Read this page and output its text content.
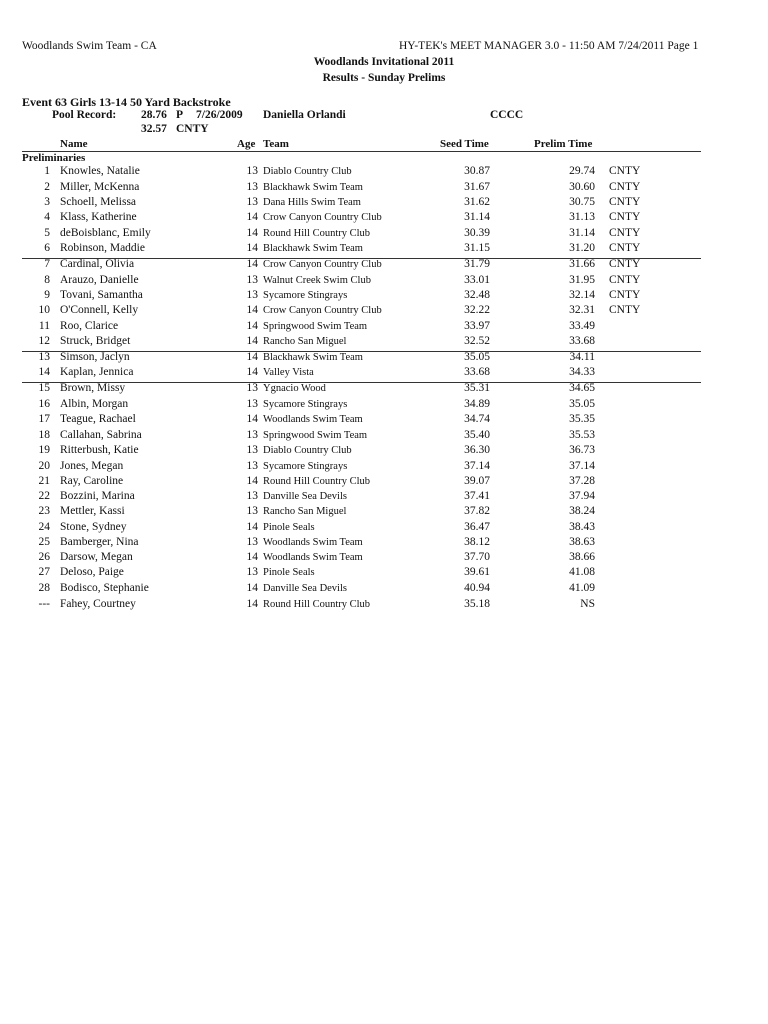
Woodlands Swim Team - CA	HY-TEK's MEET MANAGER 3.0 - 11:50 AM 7/24/2011 Page 1
Woodlands Invitational 2011
Results - Sunday Prelims
Event 63 Girls 13-14 50 Yard Backstroke
Pool Record: 28.76 P 7/26/2009 Daniella Orlandi	CCCC
32.57 CNTY
Name	Age Team	Seed Time	Prelim Time
Preliminaries
1 Knowles, Natalie	13 Diablo Country Club	30.87	29.74 CNTY
2 Miller, McKenna	13 Blackhawk Swim Team	31.67	30.60 CNTY
3 Schoell, Melissa	13 Dana Hills Swim Team	31.62	30.75 CNTY
4 Klass, Katherine	14 Crow Canyon Country Club	31.14	31.13 CNTY
5 deBoisblanc, Emily	14 Round Hill Country Club	30.39	31.14 CNTY
6 Robinson, Maddie	14 Blackhawk Swim Team	31.15	31.20 CNTY
7 Cardinal, Olivia	14 Crow Canyon Country Club	31.79	31.66 CNTY
8 Arauzo, Danielle	13 Walnut Creek Swim Club	33.01	31.95 CNTY
9 Tovani, Samantha	13 Sycamore Stingrays	32.48	32.14 CNTY
10 O'Connell, Kelly	14 Crow Canyon Country Club	32.22	32.31 CNTY
11 Roo, Clarice	14 Springwood Swim Team	33.97	33.49
12 Struck, Bridget	14 Rancho San Miguel	32.52	33.68
13 Simson, Jaclyn	14 Blackhawk Swim Team	35.05	34.11
14 Kaplan, Jennica	14 Valley Vista	33.68	34.33
15 Brown, Missy	13 Ygnacio Wood	35.31	34.65
16 Albin, Morgan	13 Sycamore Stingrays	34.89	35.05
17 Teague, Rachael	14 Woodlands Swim Team	34.74	35.35
18 Callahan, Sabrina	13 Springwood Swim Team	35.40	35.53
19 Ritterbush, Katie	13 Diablo Country Club	36.30	36.73
20 Jones, Megan	13 Sycamore Stingrays	37.14	37.14
21 Ray, Caroline	14 Round Hill Country Club	39.07	37.28
22 Bozzini, Marina	13 Danville Sea Devils	37.41	37.94
23 Mettler, Kassi	13 Rancho San Miguel	37.82	38.24
24 Stone, Sydney	14 Pinole Seals	36.47	38.43
25 Bamberger, Nina	13 Woodlands Swim Team	38.12	38.63
26 Darsow, Megan	14 Woodlands Swim Team	37.70	38.66
27 Deloso, Paige	13 Pinole Seals	39.61	41.08
28 Bodisco, Stephanie	14 Danville Sea Devils	40.94	41.09
--- Fahey, Courtney	14 Round Hill Country Club	35.18	NS
